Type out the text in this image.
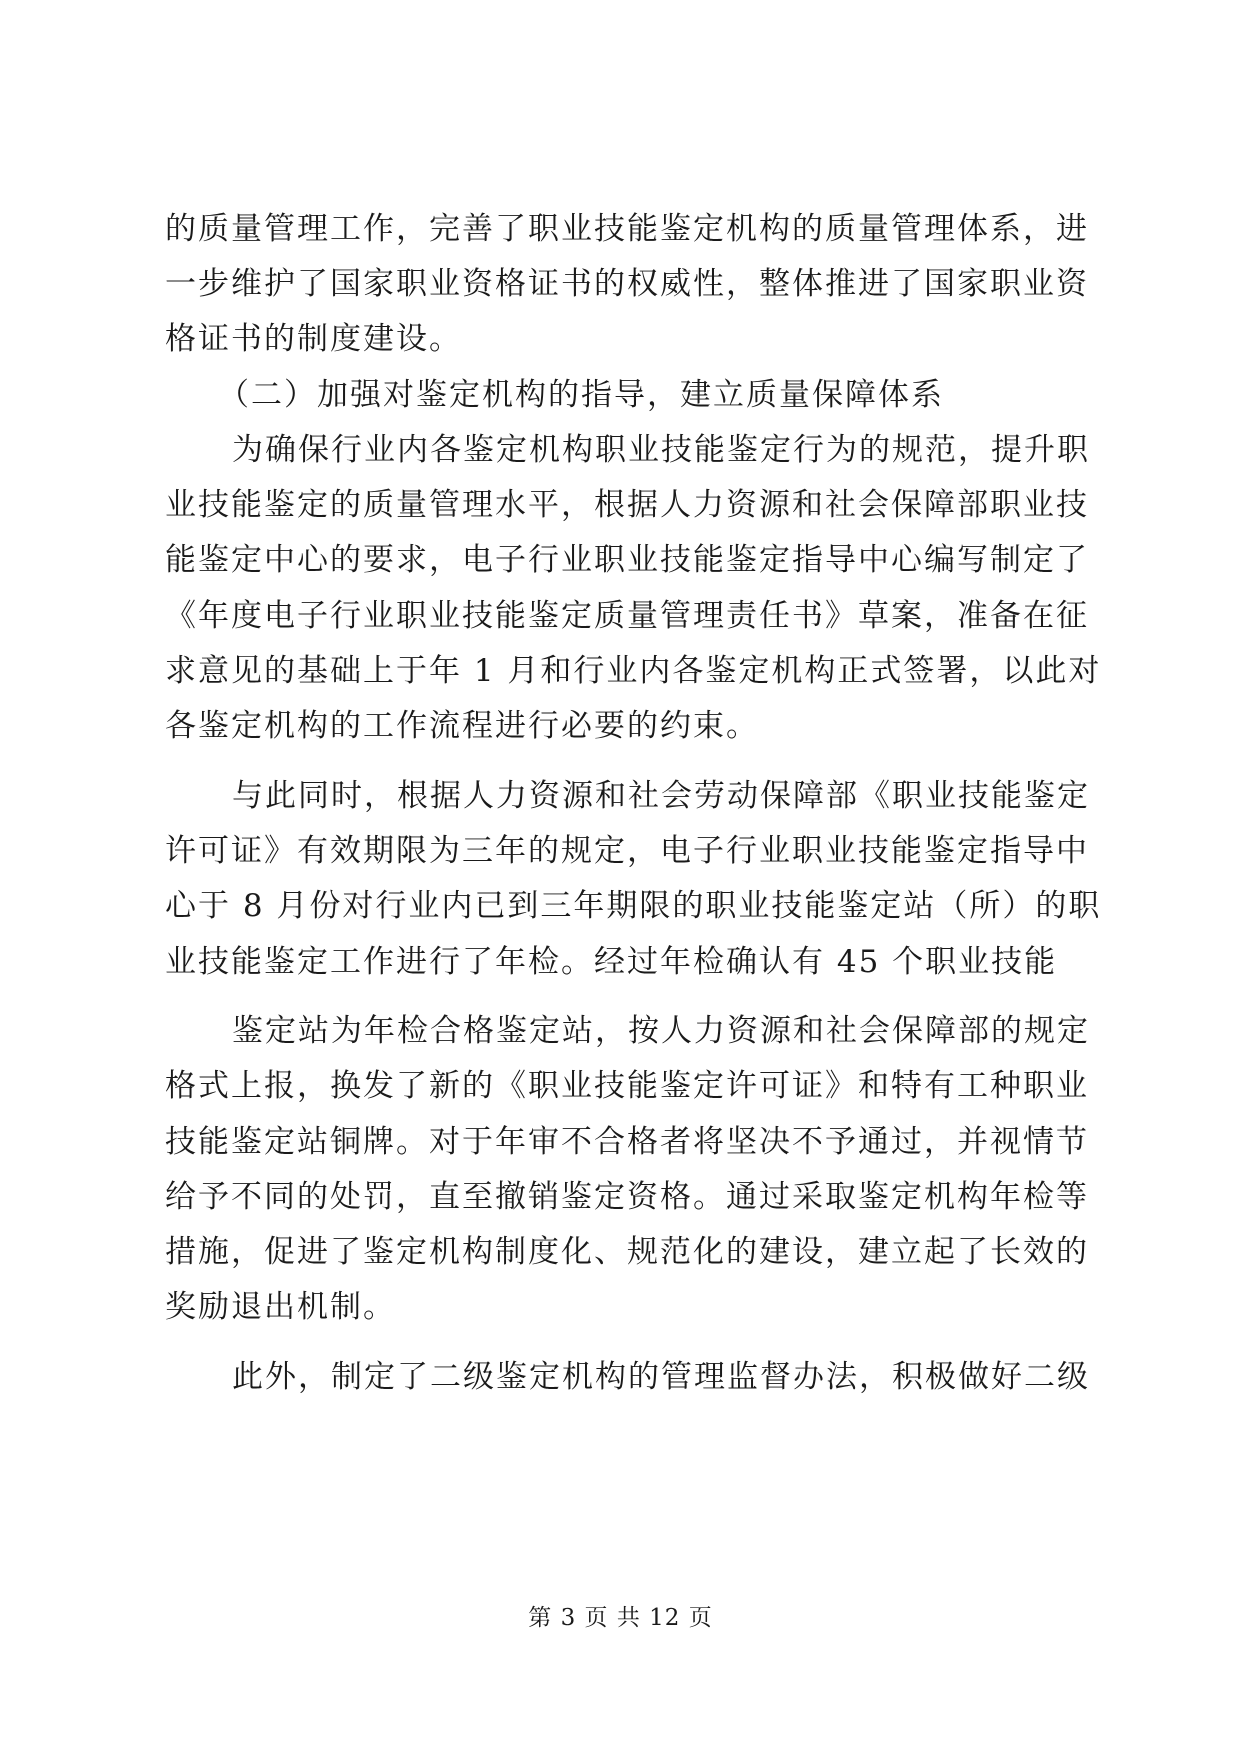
的质量管理工作，完善了职业技能鉴定机构的质量管理体系，进
一步维护了国家职业资格证书的权威性，整体推进了国家职业资
格证书的制度建设。
（二）加强对鉴定机构的指导，建立质量保障体系
为确保行业内各鉴定机构职业技能鉴定行为的规范，提升职
业技能鉴定的质量管理水平，根据人力资源和社会保障部职业技
能鉴定中心的要求，电子行业职业技能鉴定指导中心编写制定了
《年度电子行业职业技能鉴定质量管理责任书》草案，准备在征
求意见的基础上于年 1 月和行业内各鉴定机构正式签署，以此对
各鉴定机构的工作流程进行必要的约束。
与此同时，根据人力资源和社会劳动保障部《职业技能鉴定
许可证》有效期限为三年的规定，电子行业职业技能鉴定指导中
心于 8 月份对行业内已到三年期限的职业技能鉴定站（所）的职
业技能鉴定工作进行了年检。经过年检确认有 45 个职业技能
鉴定站为年检合格鉴定站，按人力资源和社会保障部的规定
格式上报，换发了新的《职业技能鉴定许可证》和特有工种职业
技能鉴定站铜牌。对于年审不合格者将坚决不予通过，并视情节
给予不同的处罚，直至撤销鉴定资格。通过采取鉴定机构年检等
措施，促进了鉴定机构制度化、规范化的建设，建立起了长效的
奖励退出机制。
此外，制定了二级鉴定机构的管理监督办法，积极做好二级
第 3 页 共 12 页
